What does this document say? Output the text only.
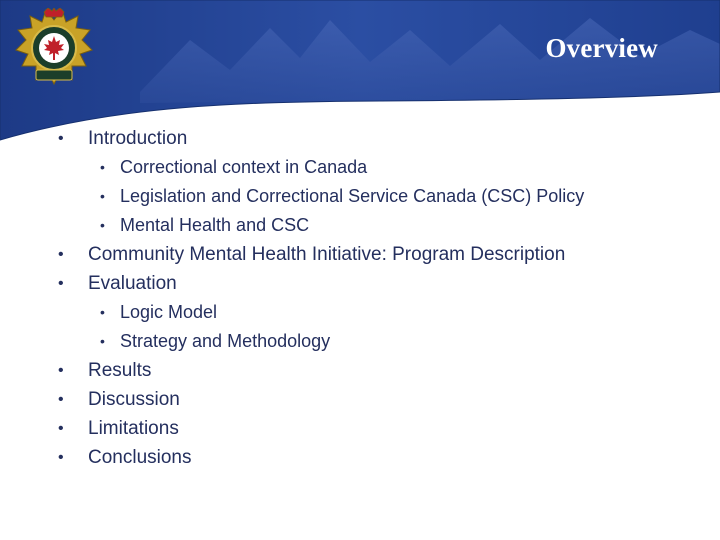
Overview
• Introduction
• Correctional context in Canada
• Legislation and Correctional Service Canada (CSC) Policy
• Mental Health and CSC
• Community Mental Health Initiative: Program Description
• Evaluation
• Logic Model
• Strategy and Methodology
• Results
• Discussion
• Limitations
• Conclusions
